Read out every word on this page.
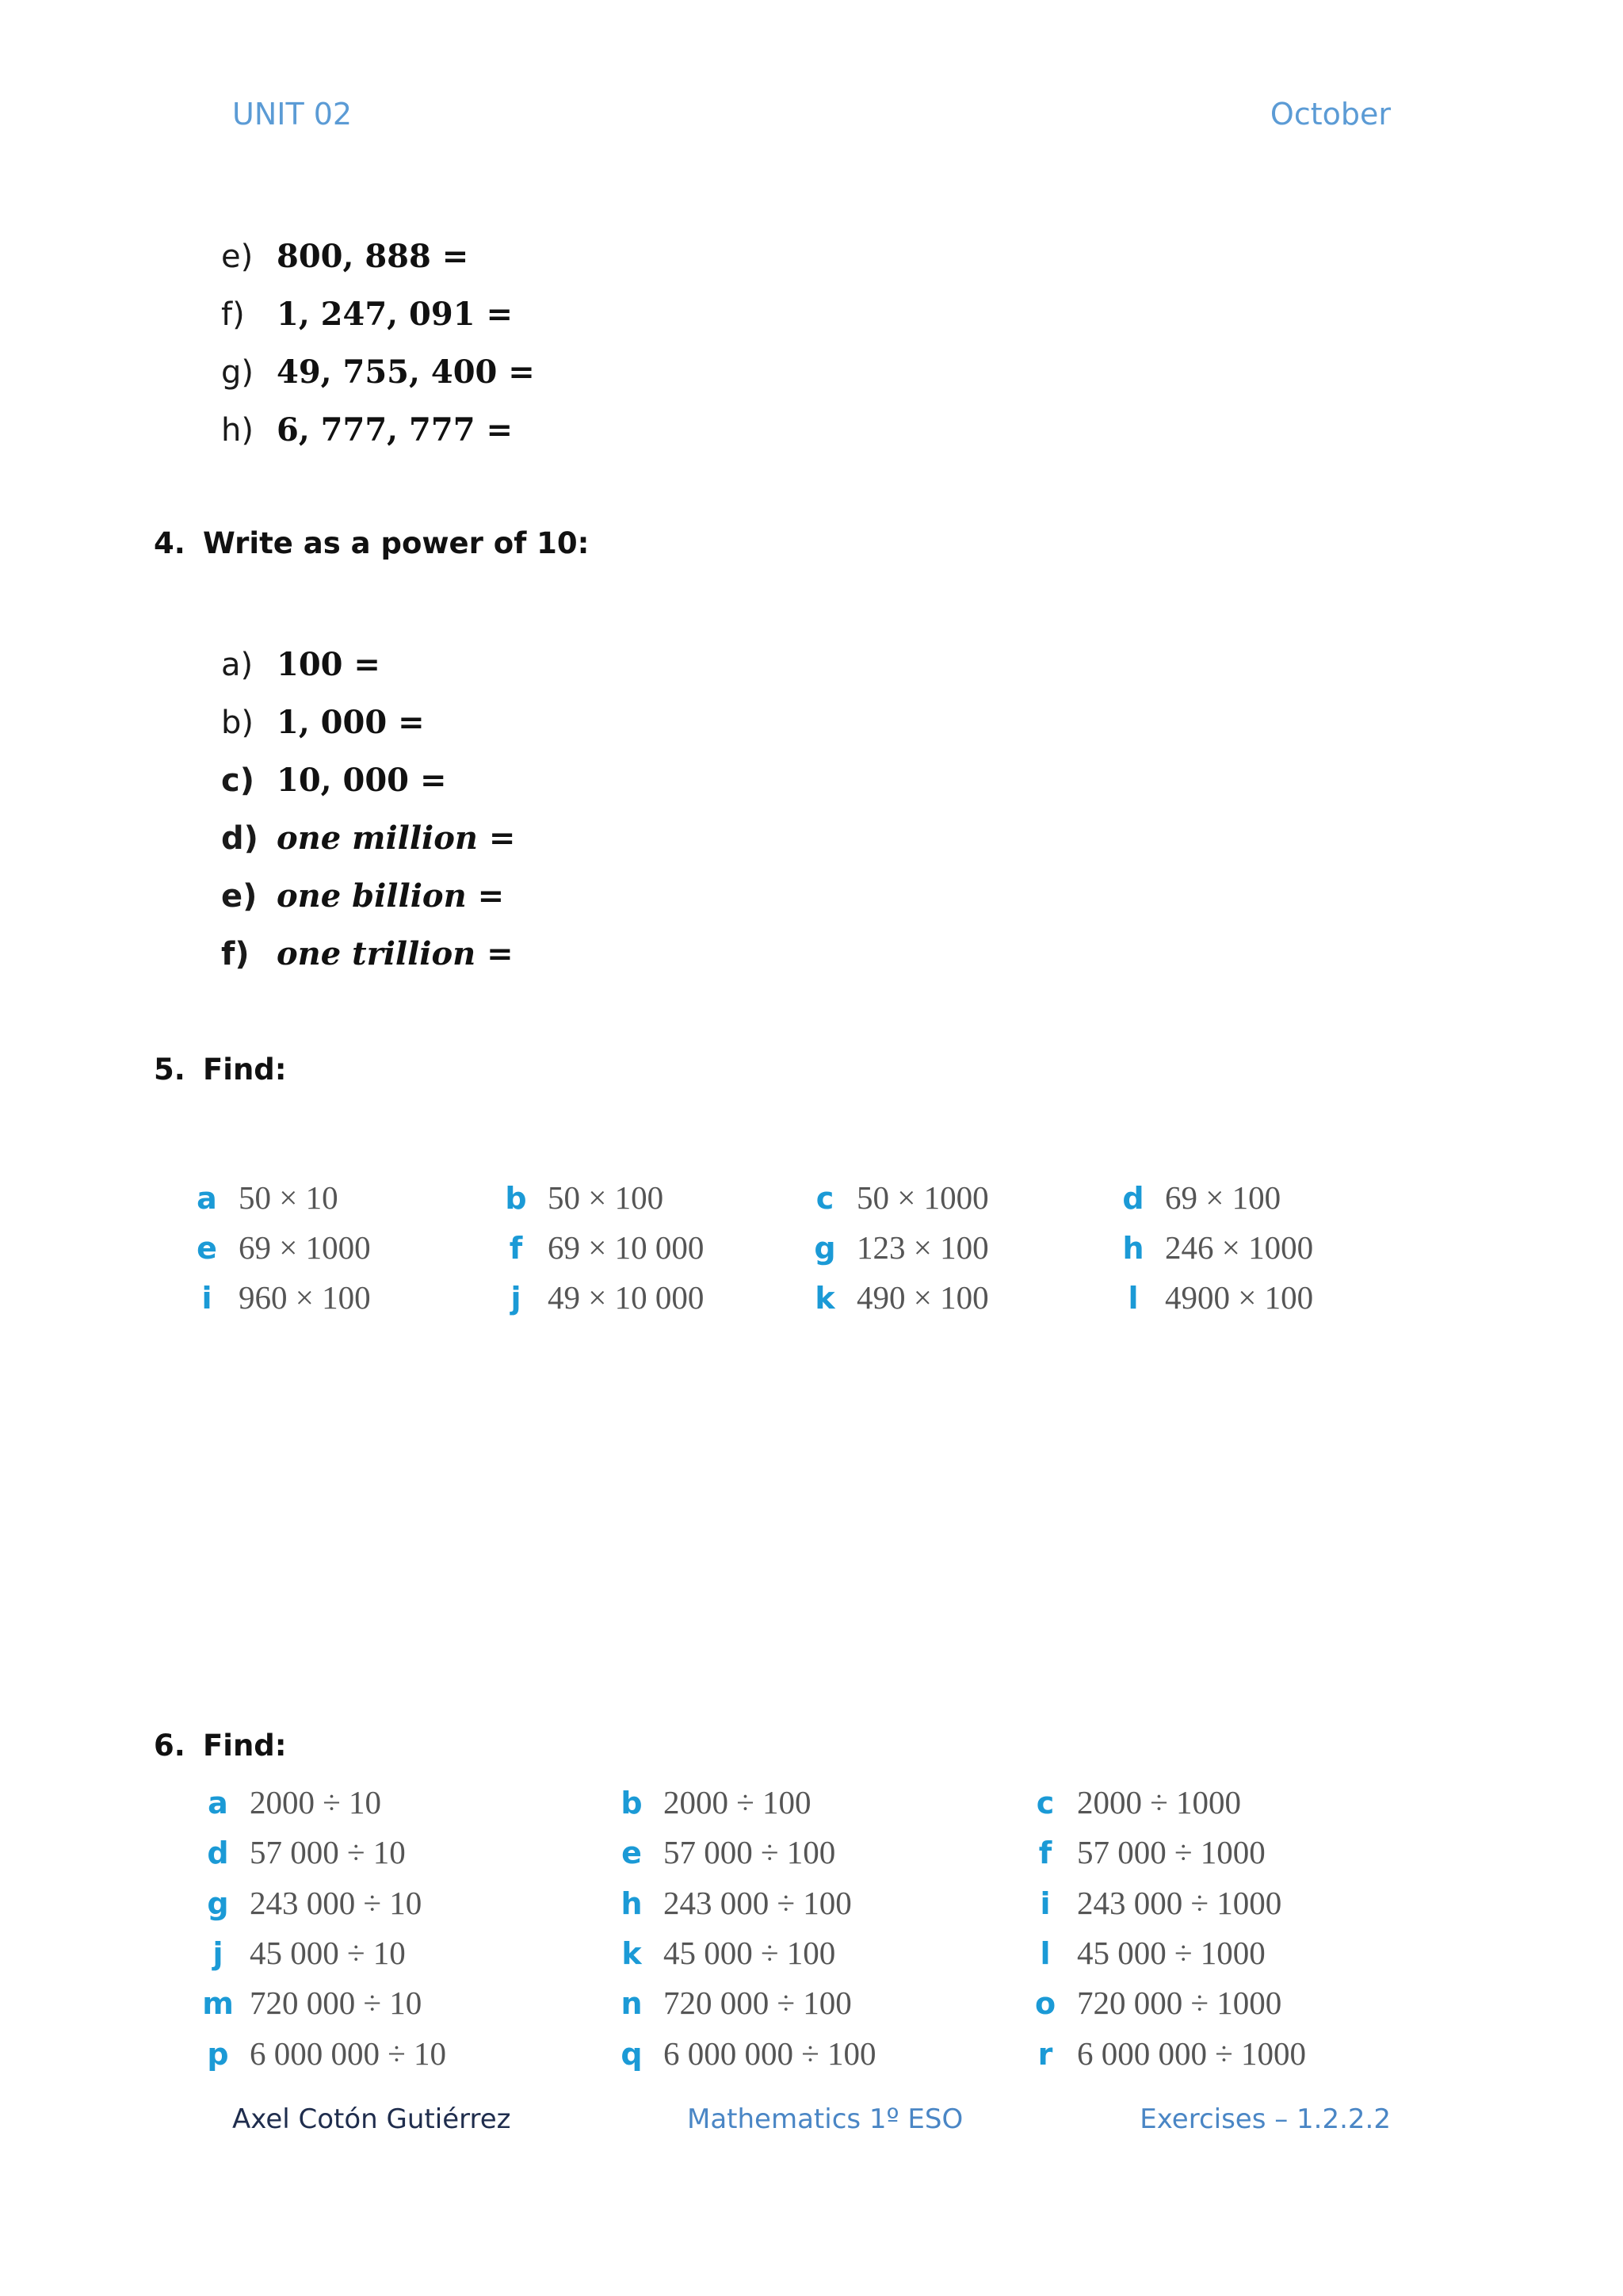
UNIT 02	October
e) 800, 888 =
f)	1, 247, 091 =
g) 49, 755, 400 =
h) 6, 777, 777 =
4. Write as a power of 10:
a) 100 =
b) 1, 000 =
c) 10, 000 =
d) one million =
e) one billion =
f) one trillion =
5. Find:
a 50 × 10	b 50 × 100	c 50 × 1000	d 69 × 100
e 69 × 1000	f 69 × 10 000	g 123 × 100	h 246 × 1000
i 960 × 100	j 49 × 10 000	k 490 × 100	l 4900 × 100
6. Find:
a 2000 ÷ 10	b 2000 ÷ 100	c 2000 ÷ 1000
d 57 000 ÷ 10	e 57 000 ÷ 100	f 57 000 ÷ 1000
g 243 000 ÷ 10	h 243 000 ÷ 100	i 243 000 ÷ 1000
j 45 000 ÷ 10	k 45 000 ÷ 100	l 45 000 ÷ 1000
m 720 000 ÷ 10	n 720 000 ÷ 100	o 720 000 ÷ 1000
p 6 000 000 ÷ 10	q 6 000 000 ÷ 100	r 6 000 000 ÷ 1000
Axel Cotón Gutiérrez	Mathematics 1º ESO	Exercises – 1.2.2.2
